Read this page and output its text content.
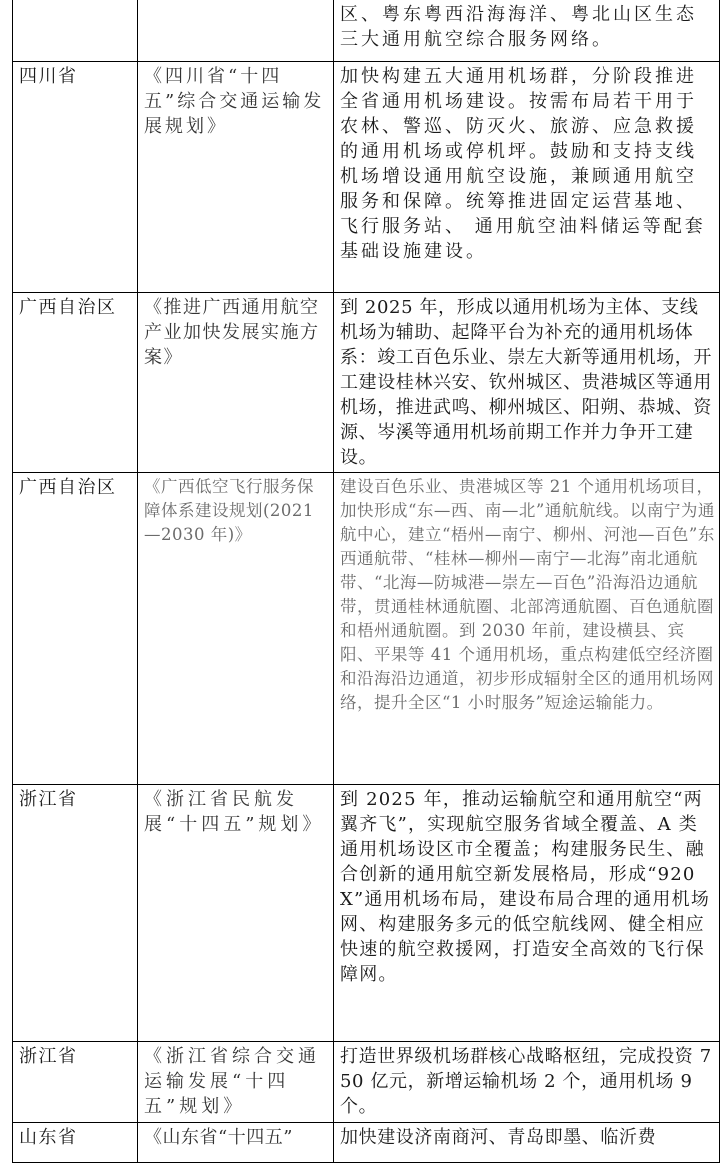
		区、粤东粤西沿海海洋、粤北山区生态三大通用航空综合服务网络。
四川省	《四川省“十四五”综合交通运输发展规划》	加快构建五大通用机场群，分阶段推进全省通用机场建设。按需布局若干用于农林、警巡、防灭火、旅游、应急救援的通用机场或停机坪。鼓励和支持支线机场增设通用航空设施，兼顾通用航空服务和保障。统筹推进固定运营基地、飞行服务站、 通用航空油料储运等配套基础设施建设。
广西自治区	《推进广西通用航空产业加快发展实施方案》	到 2025 年，形成以通用机场为主体、支线机场为辅助、起降平台为补充的通用机场体系：竣工百色乐业、崇左大新等通用机场，开工建设桂林兴安、钦州城区、贵港城区等通用机场，推进武鸣、柳州城区、阳朔、恭城、资源、岑溪等通用机场前期工作并力争开工建设。
广西自治区	《广西低空飞行服务保障体系建设规划(2021—2030 年)》	建设百色乐业、贵港城区等 21 个通用机场项目，加快形成“东—西、南—北”通航航线。以南宁为通航中心，建立“梧州—南宁、柳州、河池—百色”东西通航带、“桂林—柳州—南宁—北海”南北通航带、“北海—防城港—崇左—百色”沿海沿边通航带，贯通桂林通航圈、北部湾通航圈、百色通航圈和梧州通航圈。到 2030 年前，建设横县、宾阳、平果等 41 个通用机场，重点构建低空经济圈和沿海沿边通道，初步形成辐射全区的通用机场网络，提升全区“1 小时服务”短途运输能力。
浙江省	《浙江省民航发展“十四五”规划》	到 2025 年，推动运输航空和通用航空“两翼齐飞”，实现航空服务省域全覆盖、A 类通用机场设区市全覆盖；构建服务民生、融合创新的通用航空新发展格局，形成“920X”通用机场布局，建设布局合理的通用机场网、构建服务多元的低空航线网、健全相应快速的航空救援网，打造安全高效的飞行保障网。
浙江省	《浙江省综合交通运输发展“十四五”规划》	打造世界级机场群核心战略枢纽，完成投资 750 亿元，新增运输机场 2 个，通用机场 9 个。
山东省	《山东省“十四五”	加快建设济南商河、青岛即墨、临沂费
